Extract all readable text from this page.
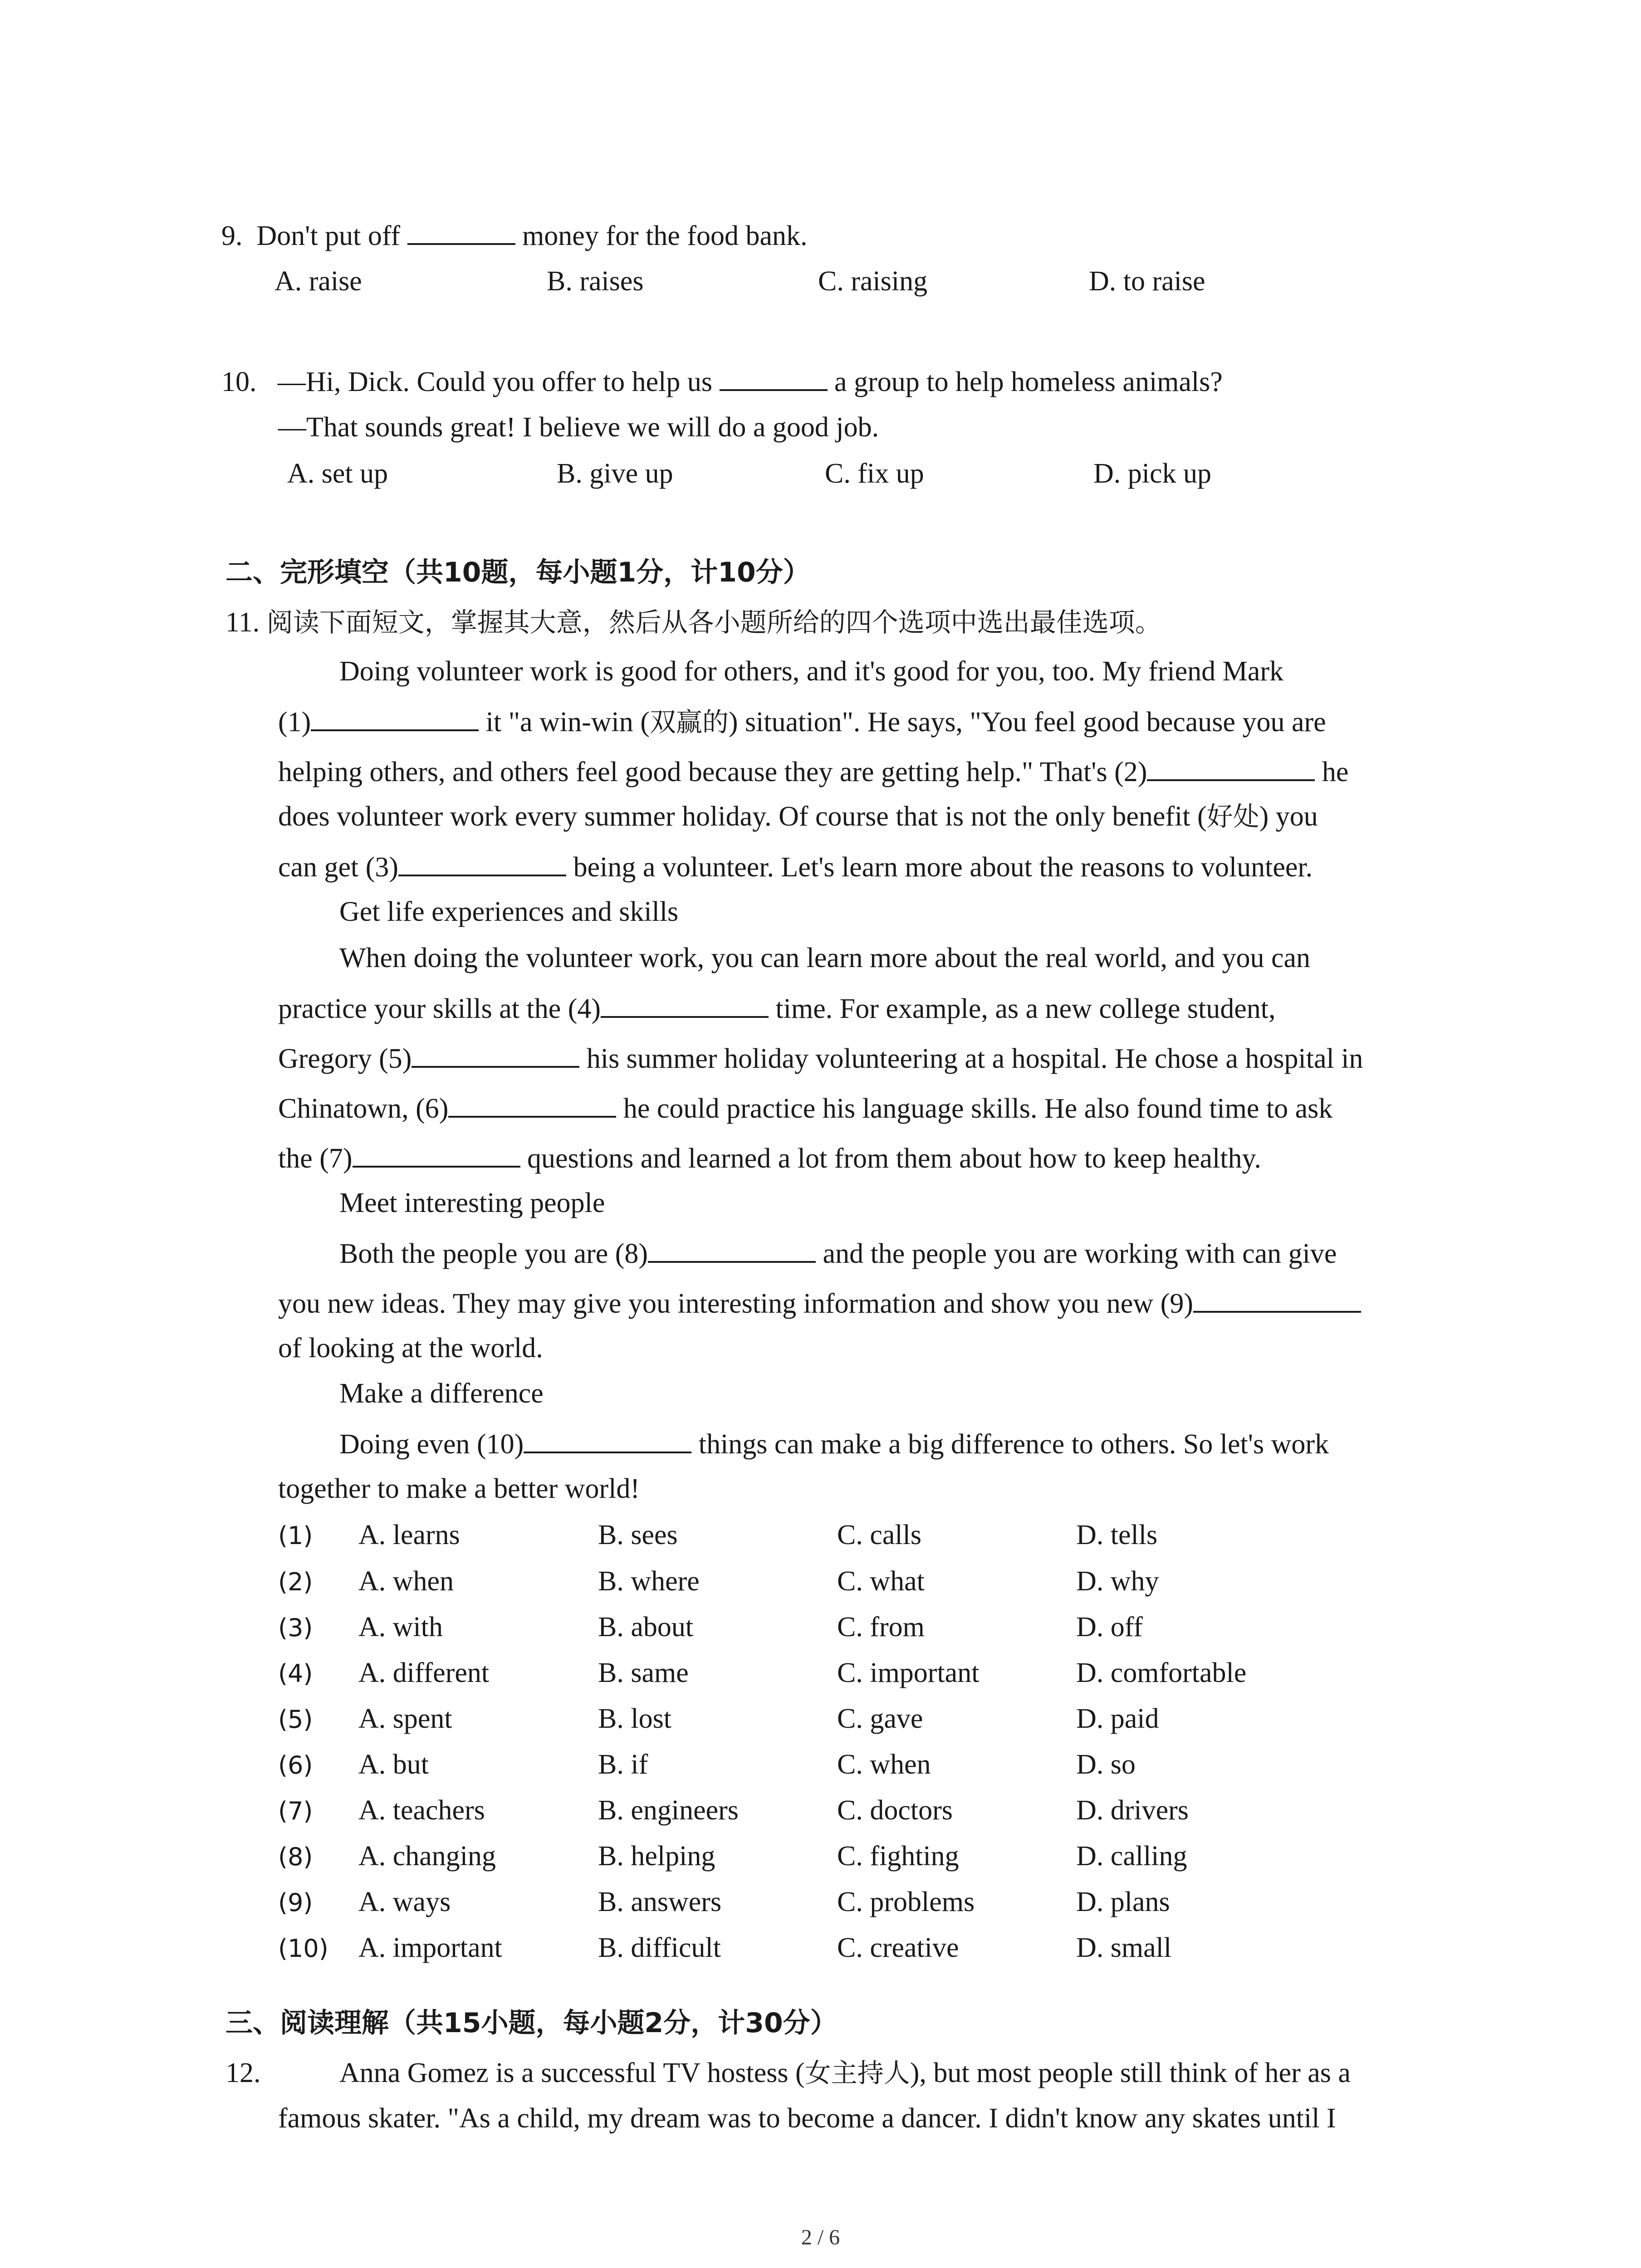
9. Don't put off	money for the food bank.
A. raise	B. raises	C. raising	D. to raise
10. —Hi, Dick. Could you offer to help us	a group to help homeless animals?
—That sounds great! I believe we will do a good job.
A. set up	B. give up	C. fix up	D. pick up
二、完形填空（共10题，每小题1分，计10分）
11. 阅读下面短文，掌握其大意，然后从各小题所给的四个选项中选出最佳选项。
Doing volunteer work is good for others, and it's good for you, too. My friend Mark
(1)	it "a win-win (双赢的) situation". He says, "You feel good because you are
helping others, and others feel good because they are getting help." That's (2)	he
does volunteer work every summer holiday. Of course that is not the only benefit (好处) you
can get (3)	being a volunteer. Let's learn more about the reasons to volunteer.
Get life experiences and skills
When doing the volunteer work, you can learn more about the real world, and you can
practice your skills at the (4)	time. For example, as a new college student,
Gregory (5)	his summer holiday volunteering at a hospital. He chose a hospital in
Chinatown, (6)	he could practice his language skills. He also found time to ask
the (7)	questions and learned a lot from them about how to keep healthy.
Meet interesting people
Both the people you are (8)	and the people you are working with can give
you new ideas. They may give you interesting information and show you new (9)
of looking at the world.
Make a difference
Doing even (10)	things can make a big difference to others. So let's work
together to make a better world!
(1) A. learns	B. sees	C. calls	D. tells
(2) A. when	B. where	C. what	D. why
(3) A. with	B. about	C. from	D. off
(4) A. different	B. same	C. important	D. comfortable
(5) A. spent	B. lost	C. gave	D. paid
(6) A. but	B. if	C. when	D. so
(7) A. teachers	B. engineers	C. doctors	D. drivers
(8) A. changing	B. helping	C. fighting	D. calling
(9) A. ways	B. answers	C. problems	D. plans
(10) A. important	B. difficult	C. creative	D. small
三、阅读理解（共15小题，每小题2分，计30分）
12.	Anna Gomez is a successful TV hostess (女主持人), but most people still think of her as a
famous skater. "As a child, my dream was to become a dancer. I didn't know any skates until I
2 / 6
